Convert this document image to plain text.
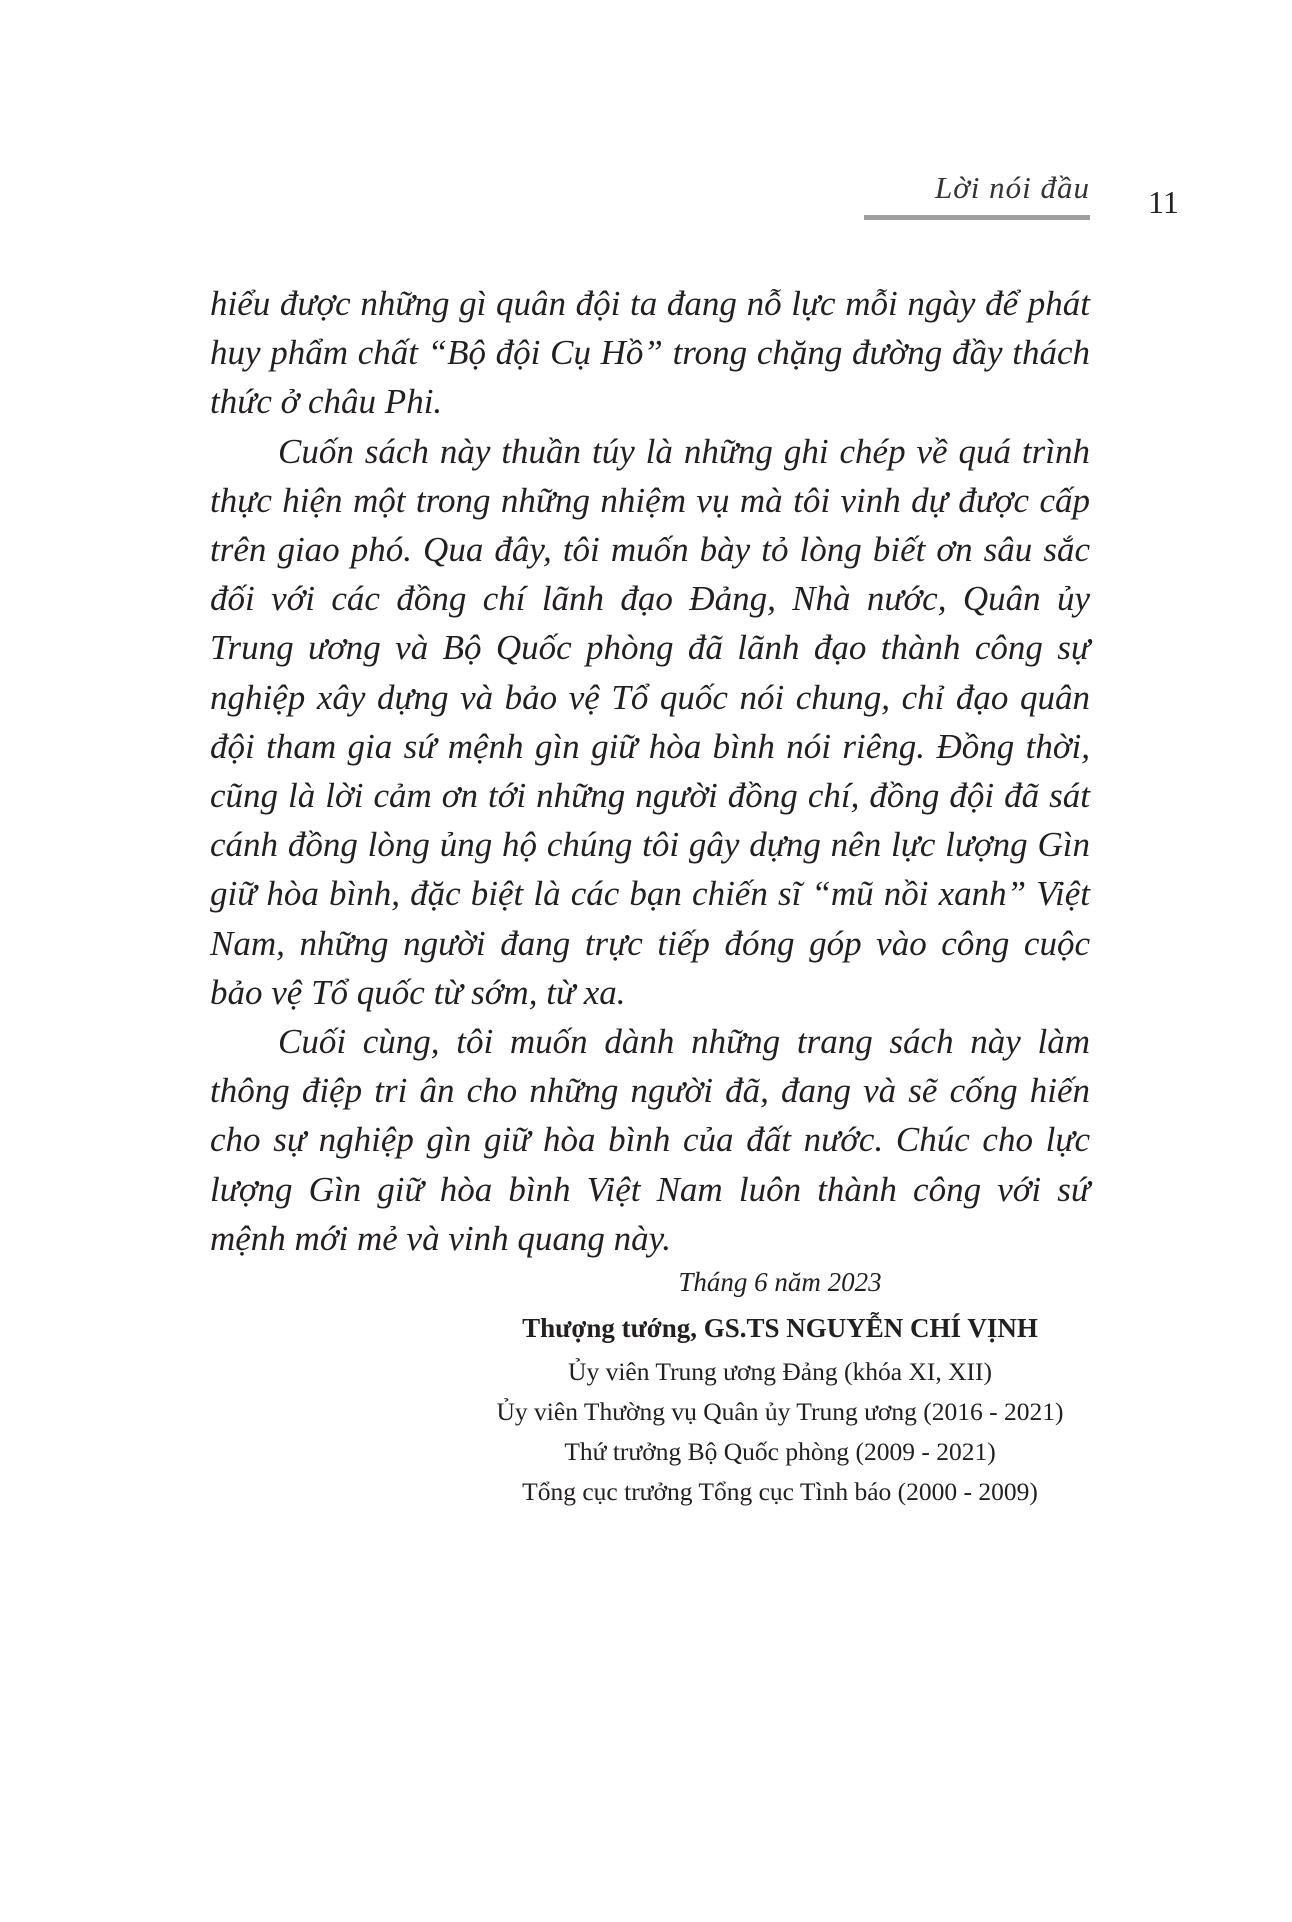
Lời nói đầu 11

hiểu được những gì quân đội ta đang nỗ lực mỗi ngày để phát huy phẩm chất “Bộ đội Cụ Hồ” trong chặng đường đầy thách thức ở châu Phi.

Cuốn sách này thuần túy là những ghi chép về quá trình thực hiện một trong những nhiệm vụ mà tôi vinh dự được cấp trên giao phó. Qua đây, tôi muốn bày tỏ lòng biết ơn sâu sắc đối với các đồng chí lãnh đạo Đảng, Nhà nước, Quân ủy Trung ương và Bộ Quốc phòng đã lãnh đạo thành công sự nghiệp xây dựng và bảo vệ Tổ quốc nói chung, chỉ đạo quân đội tham gia sứ mệnh gìn giữ hòa bình nói riêng. Đồng thời, cũng là lời cảm ơn tới những người đồng chí, đồng đội đã sát cánh đồng lòng ủng hộ chúng tôi gây dựng nên lực lượng Gìn giữ hòa bình, đặc biệt là các bạn chiến sĩ “mũ nồi xanh” Việt Nam, những người đang trực tiếp đóng góp vào công cuộc bảo vệ Tổ quốc từ sớm, từ xa.

Cuối cùng, tôi muốn dành những trang sách này làm thông điệp tri ân cho những người đã, đang và sẽ cống hiến cho sự nghiệp gìn giữ hòa bình của đất nước. Chúc cho lực lượng Gìn giữ hòa bình Việt Nam luôn thành công với sứ mệnh mới mẻ và vinh quang này.

Tháng 6 năm 2023
Thượng tướng, GS.TS NGUYỄN CHÍ VỊNH
Ủy viên Trung ương Đảng (khóa XI, XII)
Ủy viên Thường vụ Quân ủy Trung ương (2016 - 2021)
Thứ trưởng Bộ Quốc phòng (2009 - 2021)
Tổng cục trưởng Tổng cục Tình báo (2000 - 2009)
